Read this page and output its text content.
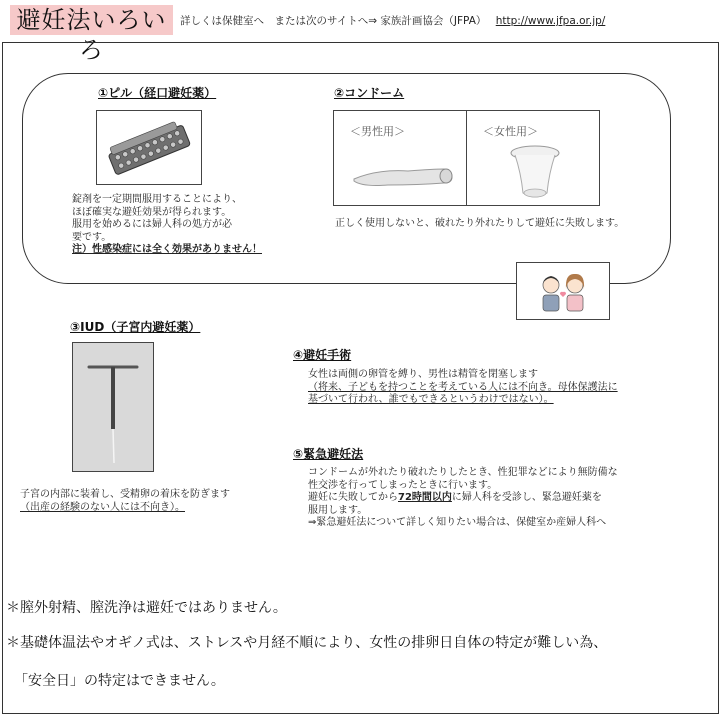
避妊法いろいろ
詳しくは保健室へ　または次のサイトへ⇒ 家族計画協会（JFPA） http://www.jfpa.or.jp/
①ピル（経口避妊薬）
錠剤を一定期間服用することにより、
ほぼ確実な避妊効果が得られます。
服用を始めるには婦人科の処方が必
要です。
注）性感染症には全く効果がありません！
②コンドーム
＜男性用＞	＜女性用＞
正しく使用しないと、破れたり外れたりして避妊に失敗します。
③IUD（子宮内避妊薬）
子宮の内部に装着し、受精卵の着床を防ぎます
（出産の経験のない人には不向き）。
④避妊手術
女性は両側の卵管を縛り、男性は精管を閉塞します
（将来、子どもを持つことを考えている人には不向き。母体保護法に
基づいて行われ、誰でもできるというわけではない）。
⑤緊急避妊法
コンドームが外れたり破れたりしたとき、性犯罪などにより無防備な
性交渉を行ってしまったときに行います。
避妊に失敗してから72時間以内に婦人科を受診し、緊急避妊薬を
服用します。
⇒緊急避妊法について詳しく知りたい場合は、保健室か産婦人科へ
＊膣外射精、膣洗浄は避妊ではありません。
＊基礎体温法やオギノ式は、ストレスや月経不順により、女性の排卵日自体の特定が難しい為、
「安全日」の特定はできません。
